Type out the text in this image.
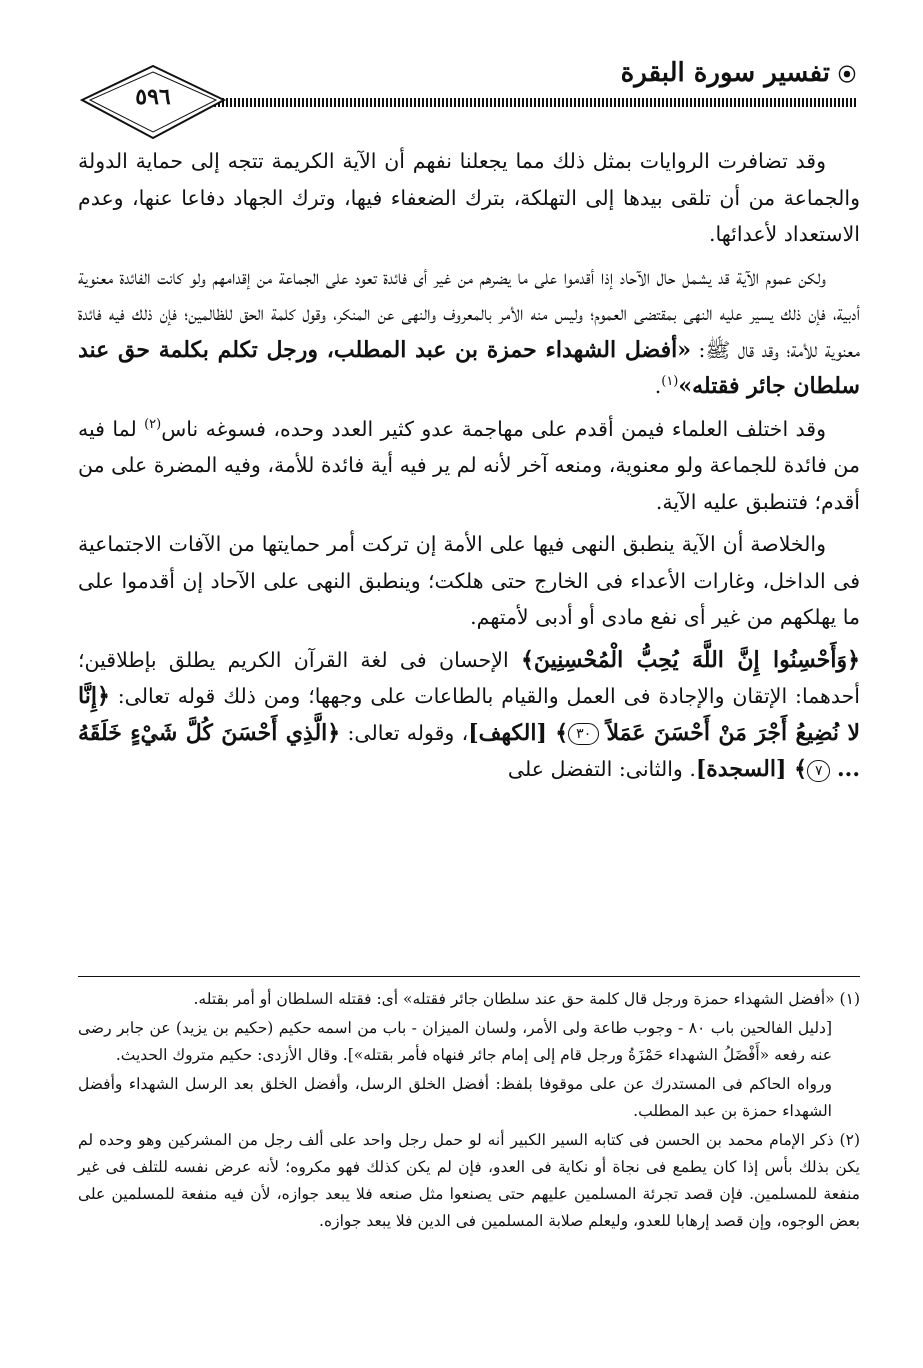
⦿تفسير سورة البقرة
٥٩٦

وقد تضافرت الروايات بمثل ذلك مما يجعلنا نفهم أن الآية الكريمة تتجه إلى حماية الدولة والجماعة من أن تلقى بيدها إلى التهلكة، بترك الضعفاء فيها، وترك الجهاد دفاعا عنها، وعدم الاستعداد لأعدائها.

ولكن عموم الآية قد يشمل حال الآحاد إذا أقدموا على ما يضرهم من غير أى فائدة تعود على الجماعة من إقدامهم ولو كانت الفائدة معنوية أدبية، فإن ذلك يسير عليه النهى بمقتضى العموم؛ وليس منه الأمر بالمعروف والنهى عن المنكر، وقول كلمة الحق للظالمين؛ فإن ذلك فيه فائدة معنوية للأمة؛ وقد قال ﷺ: «أفضل الشهداء حمزة بن عبد المطلب، ورجل تكلم بكلمة حق عند سلطان جائر فقتله»$^{(١)}$.

وقد اختلف العلماء فيمن أقدم على مهاجمة عدو كثير العدد وحده، فسوغه ناس$^{(٢)}$ لما فيه من فائدة للجماعة ولو معنوية، ومنعه آخر لأنه لم ير فيه أية فائدة للأمة، وفيه المضرة على من أقدم؛ فتنطبق عليه الآية.

والخلاصة أن الآية ينطبق النهى فيها على الأمة إن تركت أمر حمايتها من الآفات الاجتماعية فى الداخل، وغارات الأعداء فى الخارج حتى هلكت؛ وينطبق النهى على الآحاد إن أقدموا على ما يهلكهم من غير أى نفع مادى أو أدبى لأمتهم.

﴿وَأَحْسِنُوا إِنَّ اللَّهَ يُحِبُّ الْمُحْسِنِينَ﴾ الإحسان فى لغة القرآن الكريم يطلق بإطلاقين؛ أحدهما: الإتقان والإجادة فى العمل والقيام بالطاعات على وجهها؛ ومن ذلك قوله تعالى: ﴿إِنَّا لا نُضِيعُ أَجْرَ مَنْ أَحْسَنَ عَمَلاً ٣٠﴾ [الكهف]، وقوله تعالى: ﴿الَّذِي أَحْسَنَ كُلَّ شَيْءٍ خَلَقَهُ ... ٧﴾ [السجدة]. والثانى: التفضل على

(١) «أفضل الشهداء حمزة ورجل قال كلمة حق عند سلطان جائر فقتله» أى: فقتله السلطان أو أمر بقتله.

[دليل الفالحين باب ٨٠ - وجوب طاعة ولى الأمر، ولسان الميزان - باب من اسمه حكيم (حكيم بن يزيد) عن جابر رضى عنه رفعه «أَفْضَلُ الشهداء حَمْزَةُ ورجل قام إلى إمام جائر فنهاه فأمر بقتله»]. وقال الأزدى: حكيم متروك الحديث.

ورواه الحاكم فى المستدرك عن على موقوفا بلفظ: أفضل الخلق الرسل، وأفضل الخلق بعد الرسل الشهداء وأفضل الشهداء حمزة بن عبد المطلب.

(٢) ذكر الإمام محمد بن الحسن فى كتابه السير الكبير أنه لو حمل رجل واحد على ألف رجل من المشركين وهو وحده لم يكن بذلك بأس إذا كان يطمع فى نجاة أو نكاية فى العدو، فإن لم يكن كذلك فهو مكروه؛ لأنه عرض نفسه للتلف فى غير منفعة للمسلمين. فإن قصد تجرئة المسلمين عليهم حتى يصنعوا مثل صنعه فلا يبعد جوازه، لأن فيه منفعة للمسلمين على بعض الوجوه، وإن قصد إرهابا للعدو، وليعلم صلابة المسلمين فى الدين فلا يبعد جوازه.
